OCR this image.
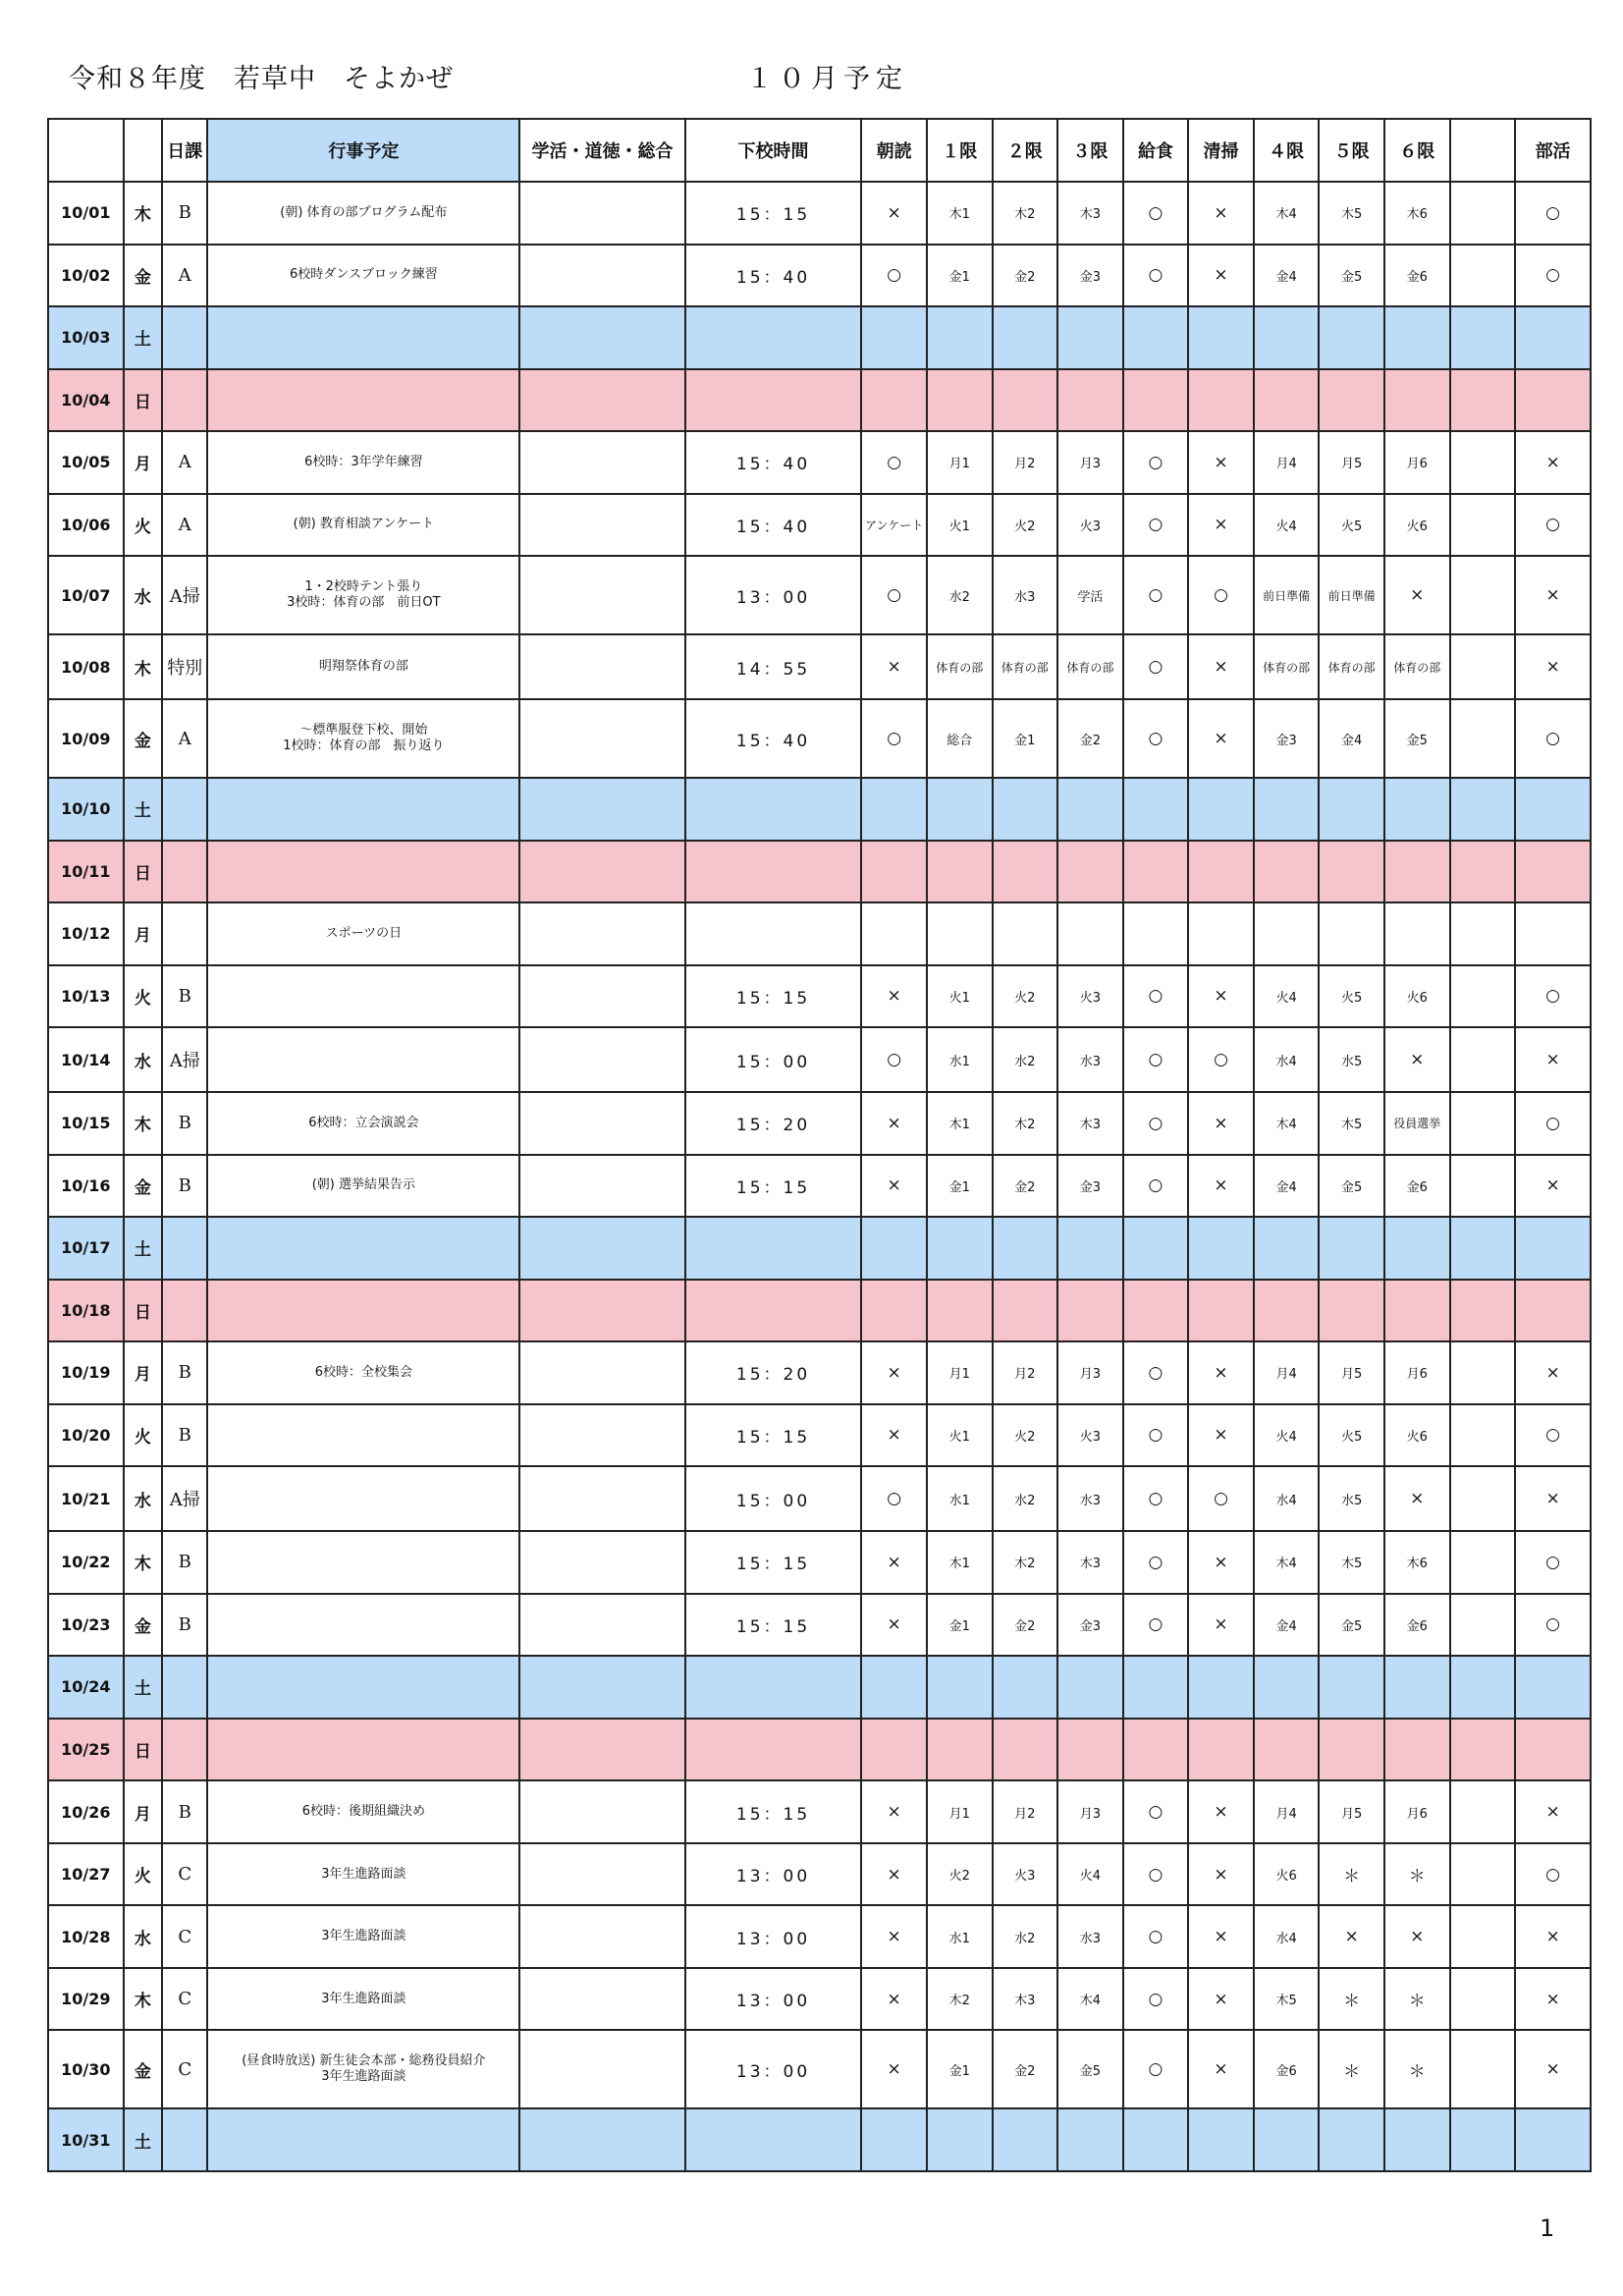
令和８年度　若草中　そよかぜ	１０月予定
		日課	行事予定	学活・道徳・総合	下校時間	朝読	１限	２限	３限	給食	清掃	４限	５限	６限		部活
10/01	木	B	(朝) 体育の部プログラム配布		15：15	×	木1	木2	木3	○	×	木4	木5	木6		○
10/02	金	A	6校時ダンスブロック練習		15：40	○	金1	金2	金3	○	×	金4	金5	金6		○
10/03	土															
10/04	日															
10/05	月	A	6校時：3年学年練習		15：40	○	月1	月2	月3	○	×	月4	月5	月6		×
10/06	火	A	(朝) 教育相談アンケート		15：40	アンケート	火1	火2	火3	○	×	火4	火5	火6		○
10/07	水	A掃	1・2校時テント張り
3校時：体育の部　前日OT		13：00	○	水2	水3	学活	○	○	前日準備	前日準備	×		×
10/08	木	特別	明翔祭体育の部		14：55	×	体育の部	体育の部	体育の部	○	×	体育の部	体育の部	体育の部		×
10/09	金	A	～標準服登下校、開始
1校時：体育の部　振り返り		15：40	○	総合	金1	金2	○	×	金3	金4	金5		○
10/10	土															
10/11	日															
10/12	月		スポーツの日													
10/13	火	B			15：15	×	火1	火2	火3	○	×	火4	火5	火6		○
10/14	水	A掃			15：00	○	水1	水2	水3	○	○	水4	水5	×		×
10/15	木	B	6校時：立会演説会		15：20	×	木1	木2	木3	○	×	木4	木5	役員選挙		○
10/16	金	B	(朝) 選挙結果告示		15：15	×	金1	金2	金3	○	×	金4	金5	金6		×
10/17	土															
10/18	日															
10/19	月	B	6校時：全校集会		15：20	×	月1	月2	月3	○	×	月4	月5	月6		×
10/20	火	B			15：15	×	火1	火2	火3	○	×	火4	火5	火6		○
10/21	水	A掃			15：00	○	水1	水2	水3	○	○	水4	水5	×		×
10/22	木	B			15：15	×	木1	木2	木3	○	×	木4	木5	木6		○
10/23	金	B			15：15	×	金1	金2	金3	○	×	金4	金5	金6		○
10/24	土															
10/25	日															
10/26	月	B	6校時：後期組織決め		15：15	×	月1	月2	月3	○	×	月4	月5	月6		×
10/27	火	C	3年生進路面談		13：00	×	火2	火3	火4	○	×	火6	＊	＊		○
10/28	水	C	3年生進路面談		13：00	×	水1	水2	水3	○	×	水4	×	×		×
10/29	木	C	3年生進路面談		13：00	×	木2	木3	木4	○	×	木5	＊	＊		×
10/30	金	C	(昼食時放送) 新生徒会本部・総務役員紹介
3年生進路面談		13：00	×	金1	金2	金5	○	×	金6	＊	＊		×
10/31	土															
1
